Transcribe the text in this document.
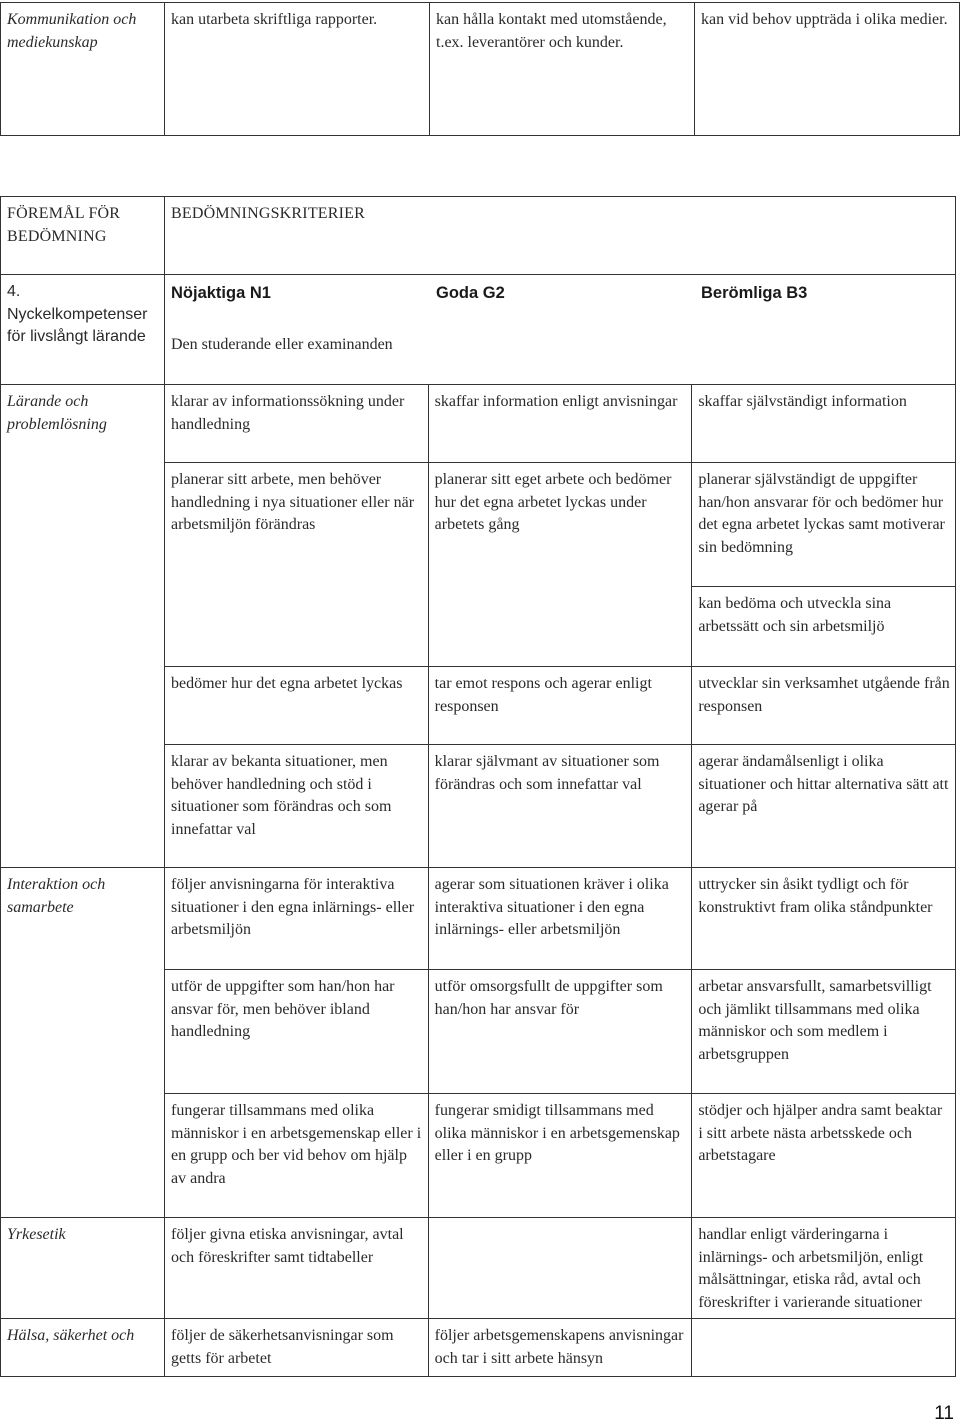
Kommunikation och mediekunskap	kan utarbeta skriftliga rapporter.	kan hålla kontakt med utomstående, t.ex. leverantörer och kunder.	kan vid behov uppträda i olika medier.
FÖREMÅL FÖR BEDÖMNING	BEDÖMNINGSKRITERIER		
4. Nyckelkompetenser för livslångt lärande	Nöjaktiga N1 Goda G2 Berömliga B3
Den studerande eller examinanden		

Lärande och problemlösning	klarar av informationssökning under handledning	skaffar information enligt anvisningar	skaffar självständigt information
	planerar sitt arbete, men behöver handledning i nya situationer eller när arbetsmiljön förändras	planerar sitt eget arbete och bedömer hur det egna arbetet lyckas under arbetets gång	planerar självständigt de uppgifter han/hon ansvarar för och bedömer hur det egna arbetet lyckas samt motiverar sin bedömning
			kan bedöma och utveckla sina arbetssätt och sin arbetsmiljö
	bedömer hur det egna arbetet lyckas	tar emot respons och agerar enligt responsen	utvecklar sin verksamhet utgående från responsen
	klarar av bekanta situationer, men behöver handledning och stöd i situationer som förändras och som innefattar val	klarar självmant av situationer som förändras och som innefattar val	agerar ändamålsenligt i olika situationer och hittar alternativa sätt att agerar på
Interaktion och samarbete	följer anvisningarna för interaktiva situationer i den egna inlärnings- eller arbetsmiljön	agerar som situationen kräver i olika interaktiva situationer i den egna inlärnings- eller arbetsmiljön	uttrycker sin åsikt tydligt och för konstruktivt fram olika ståndpunkter
	utför de uppgifter som han/hon har ansvar för, men behöver ibland handledning	utför omsorgsfullt de uppgifter som han/hon har ansvar för	arbetar ansvarsfullt, samarbetsvilligt och jämlikt tillsammans med olika människor och som medlem i arbetsgruppen
	fungerar tillsammans med olika människor i en arbetsgemenskap eller i en grupp och ber vid behov om hjälp av andra	fungerar smidigt tillsammans med olika människor i en arbetsgemenskap eller i en grupp	stödjer och hjälper andra samt beaktar i sitt arbete nästa arbetsskede och arbetstagare
Yrkesetik	följer givna etiska anvisningar, avtal och föreskrifter samt tidtabeller		handlar enligt värderingarna i inlärnings- och arbetsmiljön, enligt målsättningar, etiska råd, avtal och föreskrifter i varierande situationer
Hälsa, säkerhet och	följer de säkerhetsanvisningar som getts för arbetet	följer arbetsgemenskapens anvisningar och tar i sitt arbete hänsyn	
11
